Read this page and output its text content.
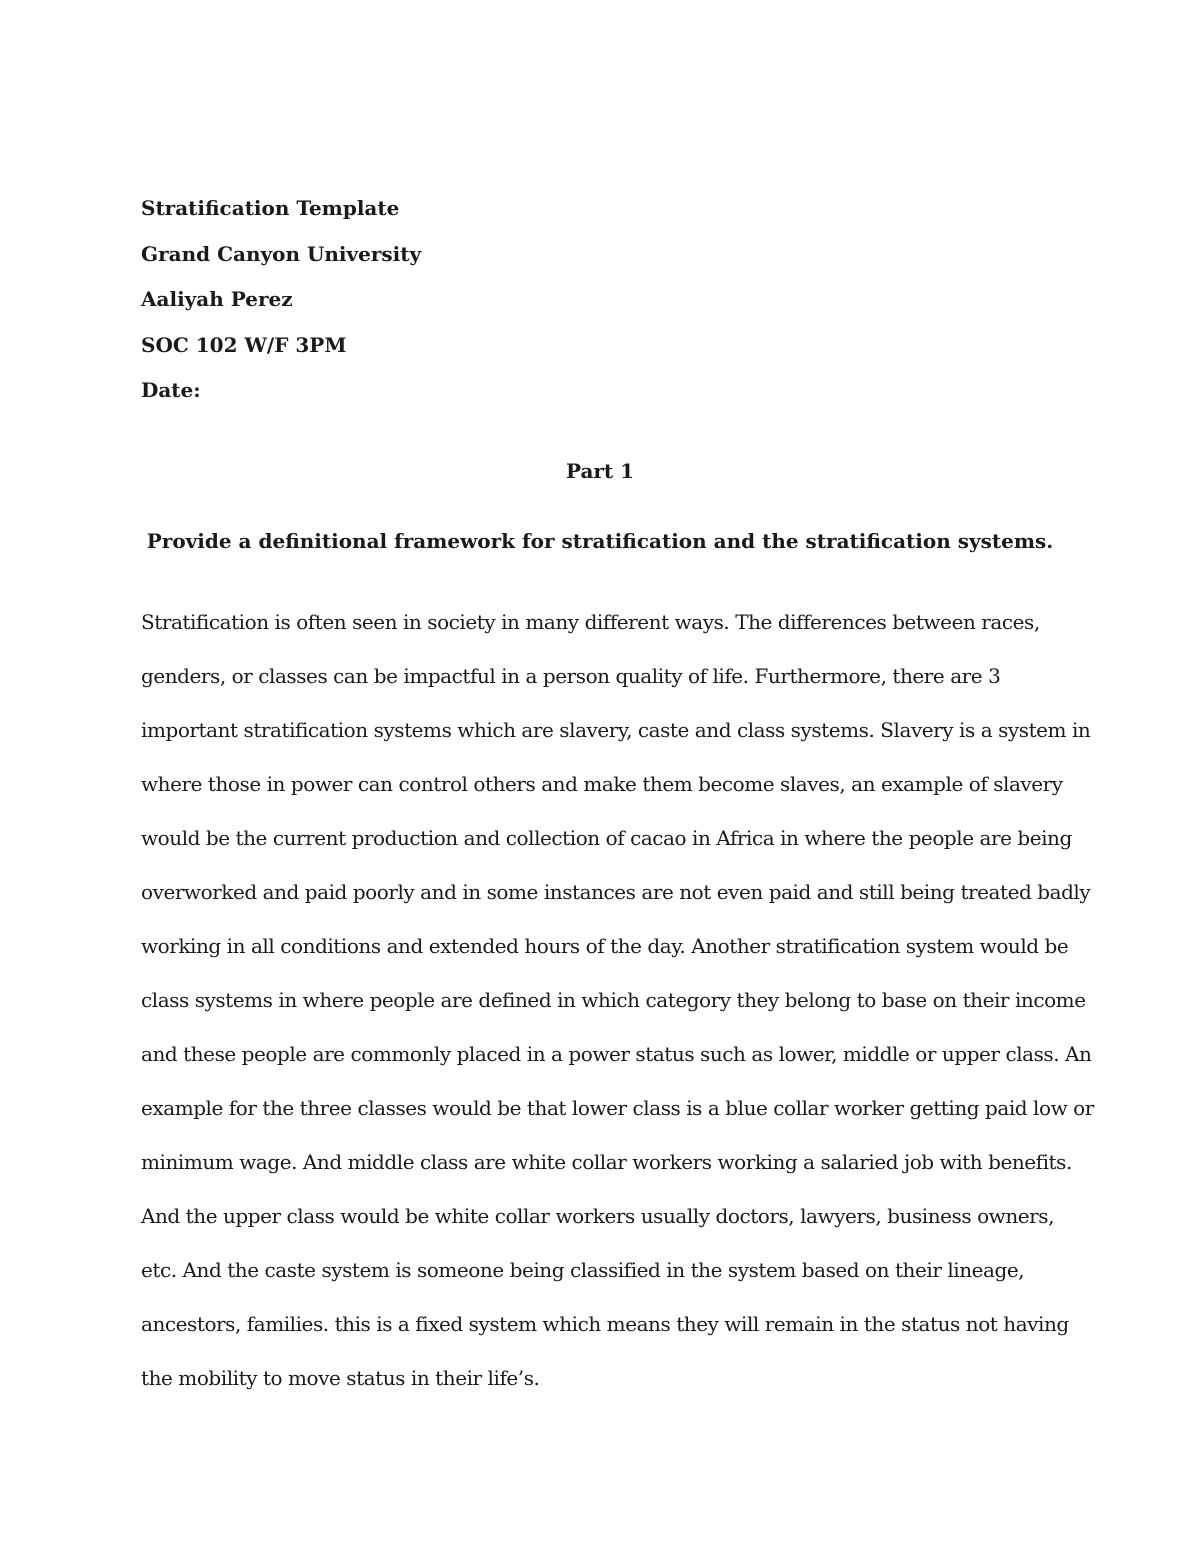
Stratification Template
Grand Canyon University
Aaliyah Perez
SOC 102 W/F 3PM
Date:
Part 1
Provide a definitional framework for stratification and the stratification systems.
Stratification is often seen in society in many different ways. The differences between races,
genders, or classes can be impactful in a person quality of life. Furthermore, there are 3
important stratification systems which are slavery, caste and class systems. Slavery is a system in
where those in power can control others and make them become slaves, an example of slavery
would be the current production and collection of cacao in Africa in where the people are being
overworked and paid poorly and in some instances are not even paid and still being treated badly
working in all conditions and extended hours of the day. Another stratification system would be
class systems in where people are defined in which category they belong to base on their income
and these people are commonly placed in a power status such as lower, middle or upper class. An
example for the three classes would be that lower class is a blue collar worker getting paid low or
minimum wage. And middle class are white collar workers working a salaried job with benefits.
And the upper class would be white collar workers usually doctors, lawyers, business owners,
etc. And the caste system is someone being classified in the system based on their lineage,
ancestors, families. this is a fixed system which means they will remain in the status not having
the mobility to move status in their life’s.
